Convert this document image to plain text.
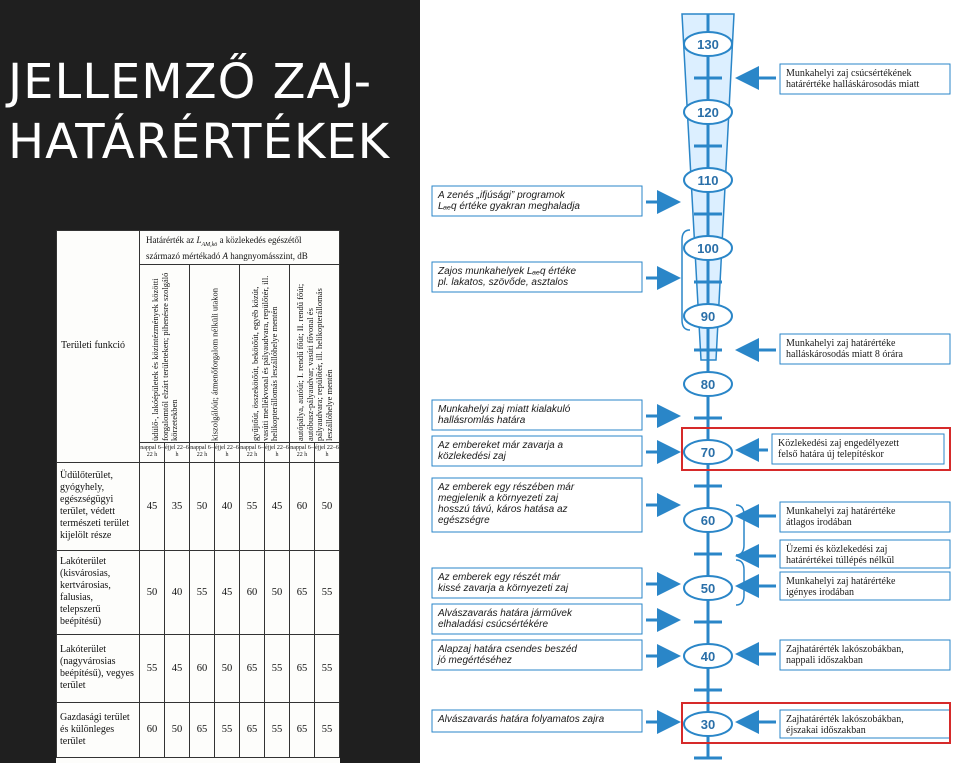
JELLEMZŐ ZAJ-
HATÁRÉRTÉKEK
Területi funkció	Határérték az $L_{AM,kö}$ a közlekedés egészétől származó mértékadó A hangnyomásszint, dB							

	üdülő-, lakóépületek és közintézmények közötti forgalomtól elzárt területeken; pihenésre szolgáló körzetekben		kiszolgálóút; átmenőforgalom nélküli utakon		gyűjtőút, összekötőút, bekötőút, egyéb közút, vasúti mellékvonal és pályaudvara, repülőtér, ill. helikopterállomás leszállóhelye mentén		autópálya, autóút; I. rendű főút; II. rendű főút; autóbusz-pályaudvar; vasúti fővonal és pályaudvara; repülőtér, ill. helikopterállomás leszállóhelye mentén	

	nappal 6–22 h	éjjel 22–6 h	nappal 6–22 h	éjjel 22–6 h	nappal 6–22 h	éjjel 22–6 h	nappal 6–22 h	éjjel 22–6 h
Üdülőterület, gyógyhely, egészségügyi terület, védett természeti terület kijelölt része	45	35	50	40	55	45	60	50
Lakóterület (kisvárosias, kertvárosias, falusias, telepszerű beépítésű)	50	40	55	45	60	50	65	55
Lakóterület (nagyvárosias beépítésű), vegyes terület	55	45	60	50	65	55	65	55
Gazdasági terület és különleges terület	60	50	65	55	65	55	65	55
130
120
110
100
90
80
70
60
50
40
30
A zenés „ifjúsági” programok
Lₐₑq értéke gyakran meghaladja
Zajos munkahelyek Lₐₑq értéke
pl. lakatos, szövőde, asztalos
Munkahelyi zaj miatt kialakuló
hallásromlás határa
Az embereket már zavarja a
közlekedési zaj
Az emberek egy részében már
megjelenik a környezeti zaj
hosszú távú, káros hatása az
egészségre
Az emberek egy részét már
kissé zavarja a környezeti zaj
Alvászavarás határa járművek
elhaladási csúcsértékére
Alapzaj határa csendes beszéd
jó megértéséhez
Alvászavarás határa folyamatos zajra
Munkahelyi zaj csúcsértékének
határértéke halláskárosodás miatt
Munkahelyi zaj határértéke
halláskárosodás miatt 8 órára
Közlekedési zaj engedélyezett
felső határa új telepítéskor
Munkahelyi zaj határértéke
átlagos irodában
Üzemi és közlekedési zaj
határértékei túllépés nélkül
Munkahelyi zaj határértéke
igényes irodában
Zajhatárérték lakószobákban,
nappali időszakban
Zajhatárérték lakószobákban,
éjszakai időszakban
